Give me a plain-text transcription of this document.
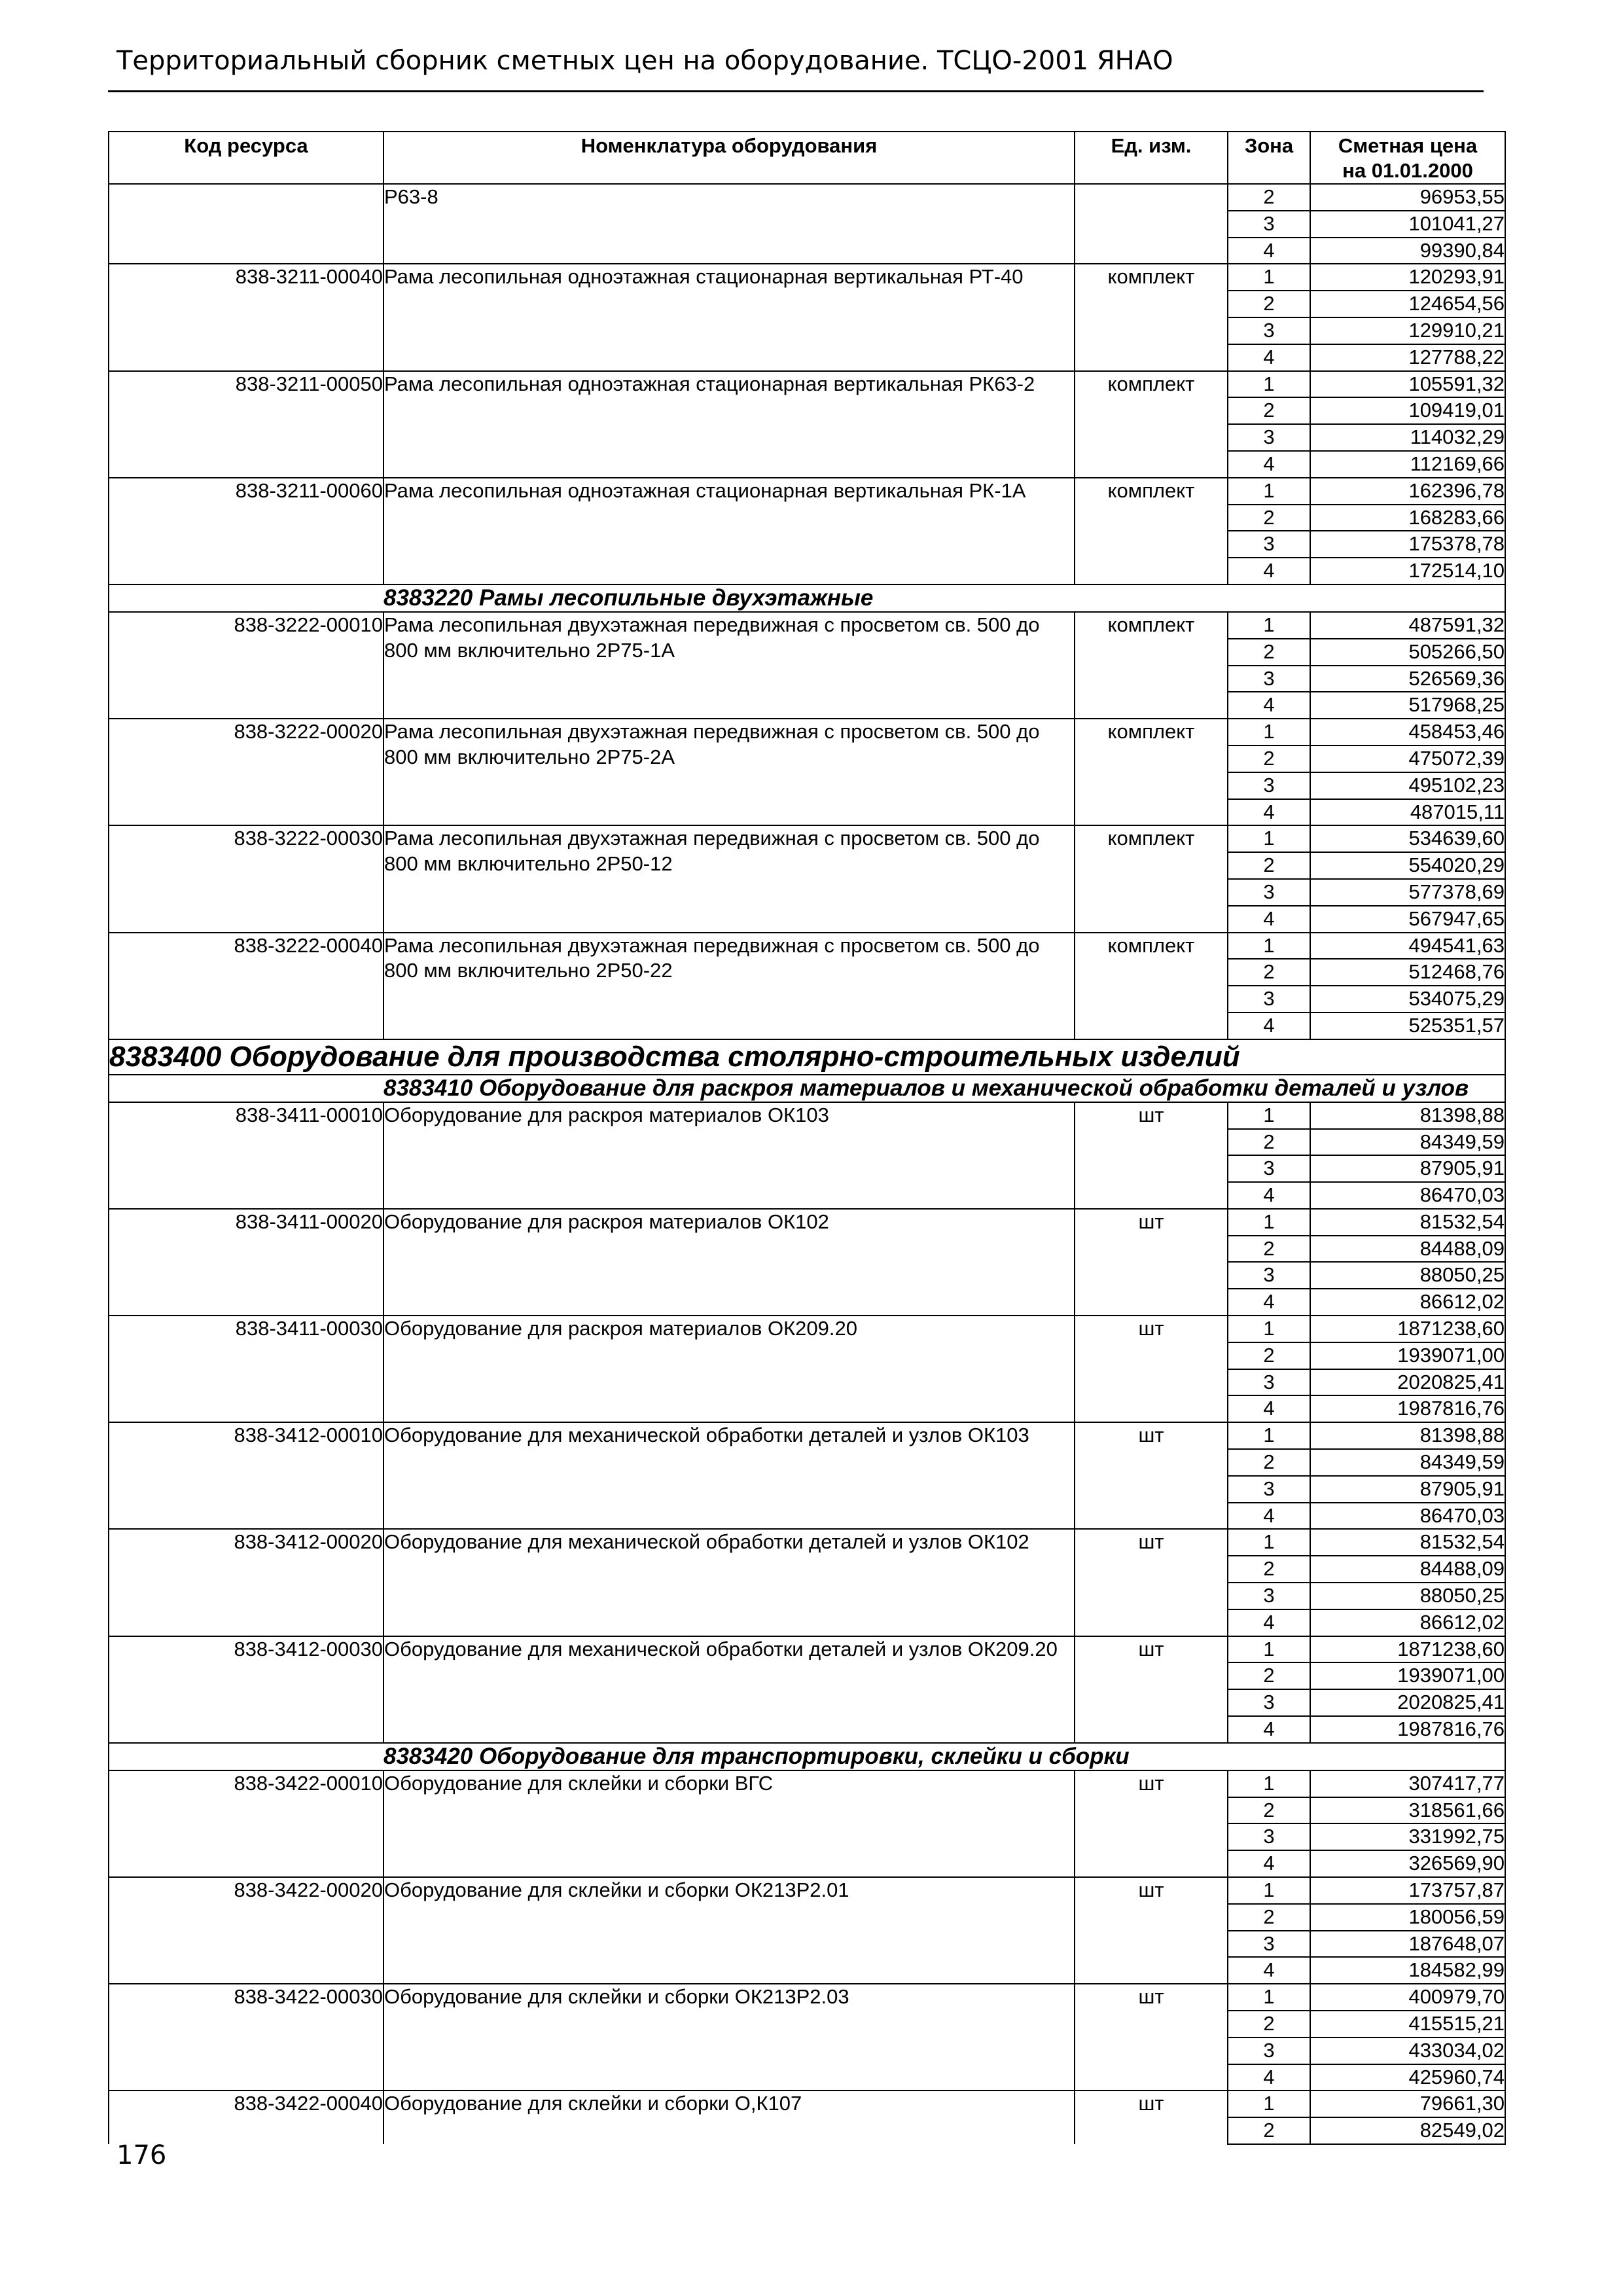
Территориальный сборник сметных цен на оборудование. ТСЦО-2001 ЯНАО
Код ресурса	Номенклатура оборудования	Ед. изм.	Зона	Сметная цена
на 01.01.2000

	Р63-8		2	96953,55
			3	101041,27
			4	99390,84
838-3211-00040	Рама лесопильная одноэтажная стационарная вертикальная РТ-40	комплект	1	120293,91
			2	124654,56
			3	129910,21
			4	127788,22
838-3211-00050	Рама лесопильная одноэтажная стационарная вертикальная РК63-2	комплект	1	105591,32
			2	109419,01
			3	114032,29
			4	112169,66
838-3211-00060	Рама лесопильная одноэтажная стационарная вертикальная РК-1А	комплект	1	162396,78
			2	168283,66
			3	175378,78
			4	172514,10
	8383220 Рамы лесопильные двухэтажные			
838-3222-00010	Рама лесопильная двухэтажная передвижная с просветом св. 500 до 800 мм включительно 2Р75-1А	комплект	1	487591,32
			2	505266,50
			3	526569,36
			4	517968,25
838-3222-00020	Рама лесопильная двухэтажная передвижная с просветом св. 500 до 800 мм включительно 2Р75-2А	комплект	1	458453,46
			2	475072,39
			3	495102,23
			4	487015,11
838-3222-00030	Рама лесопильная двухэтажная передвижная с просветом св. 500 до 800 мм включительно 2Р50-12	комплект	1	534639,60
			2	554020,29
			3	577378,69
			4	567947,65
838-3222-00040	Рама лесопильная двухэтажная передвижная с просветом св. 500 до 800 мм включительно 2Р50-22	комплект	1	494541,63
			2	512468,76
			3	534075,29
			4	525351,57
8383400 Оборудование для производства столярно-строительных изделий				
	8383410 Оборудование для раскроя материалов и механической обработки деталей и узлов			
838-3411-00010	Оборудование для раскроя материалов ОК103	шт	1	81398,88
			2	84349,59
			3	87905,91
			4	86470,03
838-3411-00020	Оборудование для раскроя материалов ОК102	шт	1	81532,54
			2	84488,09
			3	88050,25
			4	86612,02
838-3411-00030	Оборудование для раскроя материалов ОК209.20	шт	1	1871238,60
			2	1939071,00
			3	2020825,41
			4	1987816,76
838-3412-00010	Оборудование для механической обработки деталей и узлов ОК103	шт	1	81398,88
			2	84349,59
			3	87905,91
			4	86470,03
838-3412-00020	Оборудование для механической обработки деталей и узлов ОК102	шт	1	81532,54
			2	84488,09
			3	88050,25
			4	86612,02
838-3412-00030	Оборудование для механической обработки деталей и узлов ОК209.20	шт	1	1871238,60
			2	1939071,00
			3	2020825,41
			4	1987816,76
	8383420 Оборудование для транспортировки, склейки и сборки			
838-3422-00010	Оборудование для склейки и сборки ВГС	шт	1	307417,77
			2	318561,66
			3	331992,75
			4	326569,90
838-3422-00020	Оборудование для склейки и сборки ОК213Р2.01	шт	1	173757,87
			2	180056,59
			3	187648,07
			4	184582,99
838-3422-00030	Оборудование для склейки и сборки ОК213Р2.03	шт	1	400979,70
			2	415515,21
			3	433034,02
			4	425960,74
838-3422-00040	Оборудование для склейки и сборки О,К107	шт	1	79661,30
			2	82549,02
176
